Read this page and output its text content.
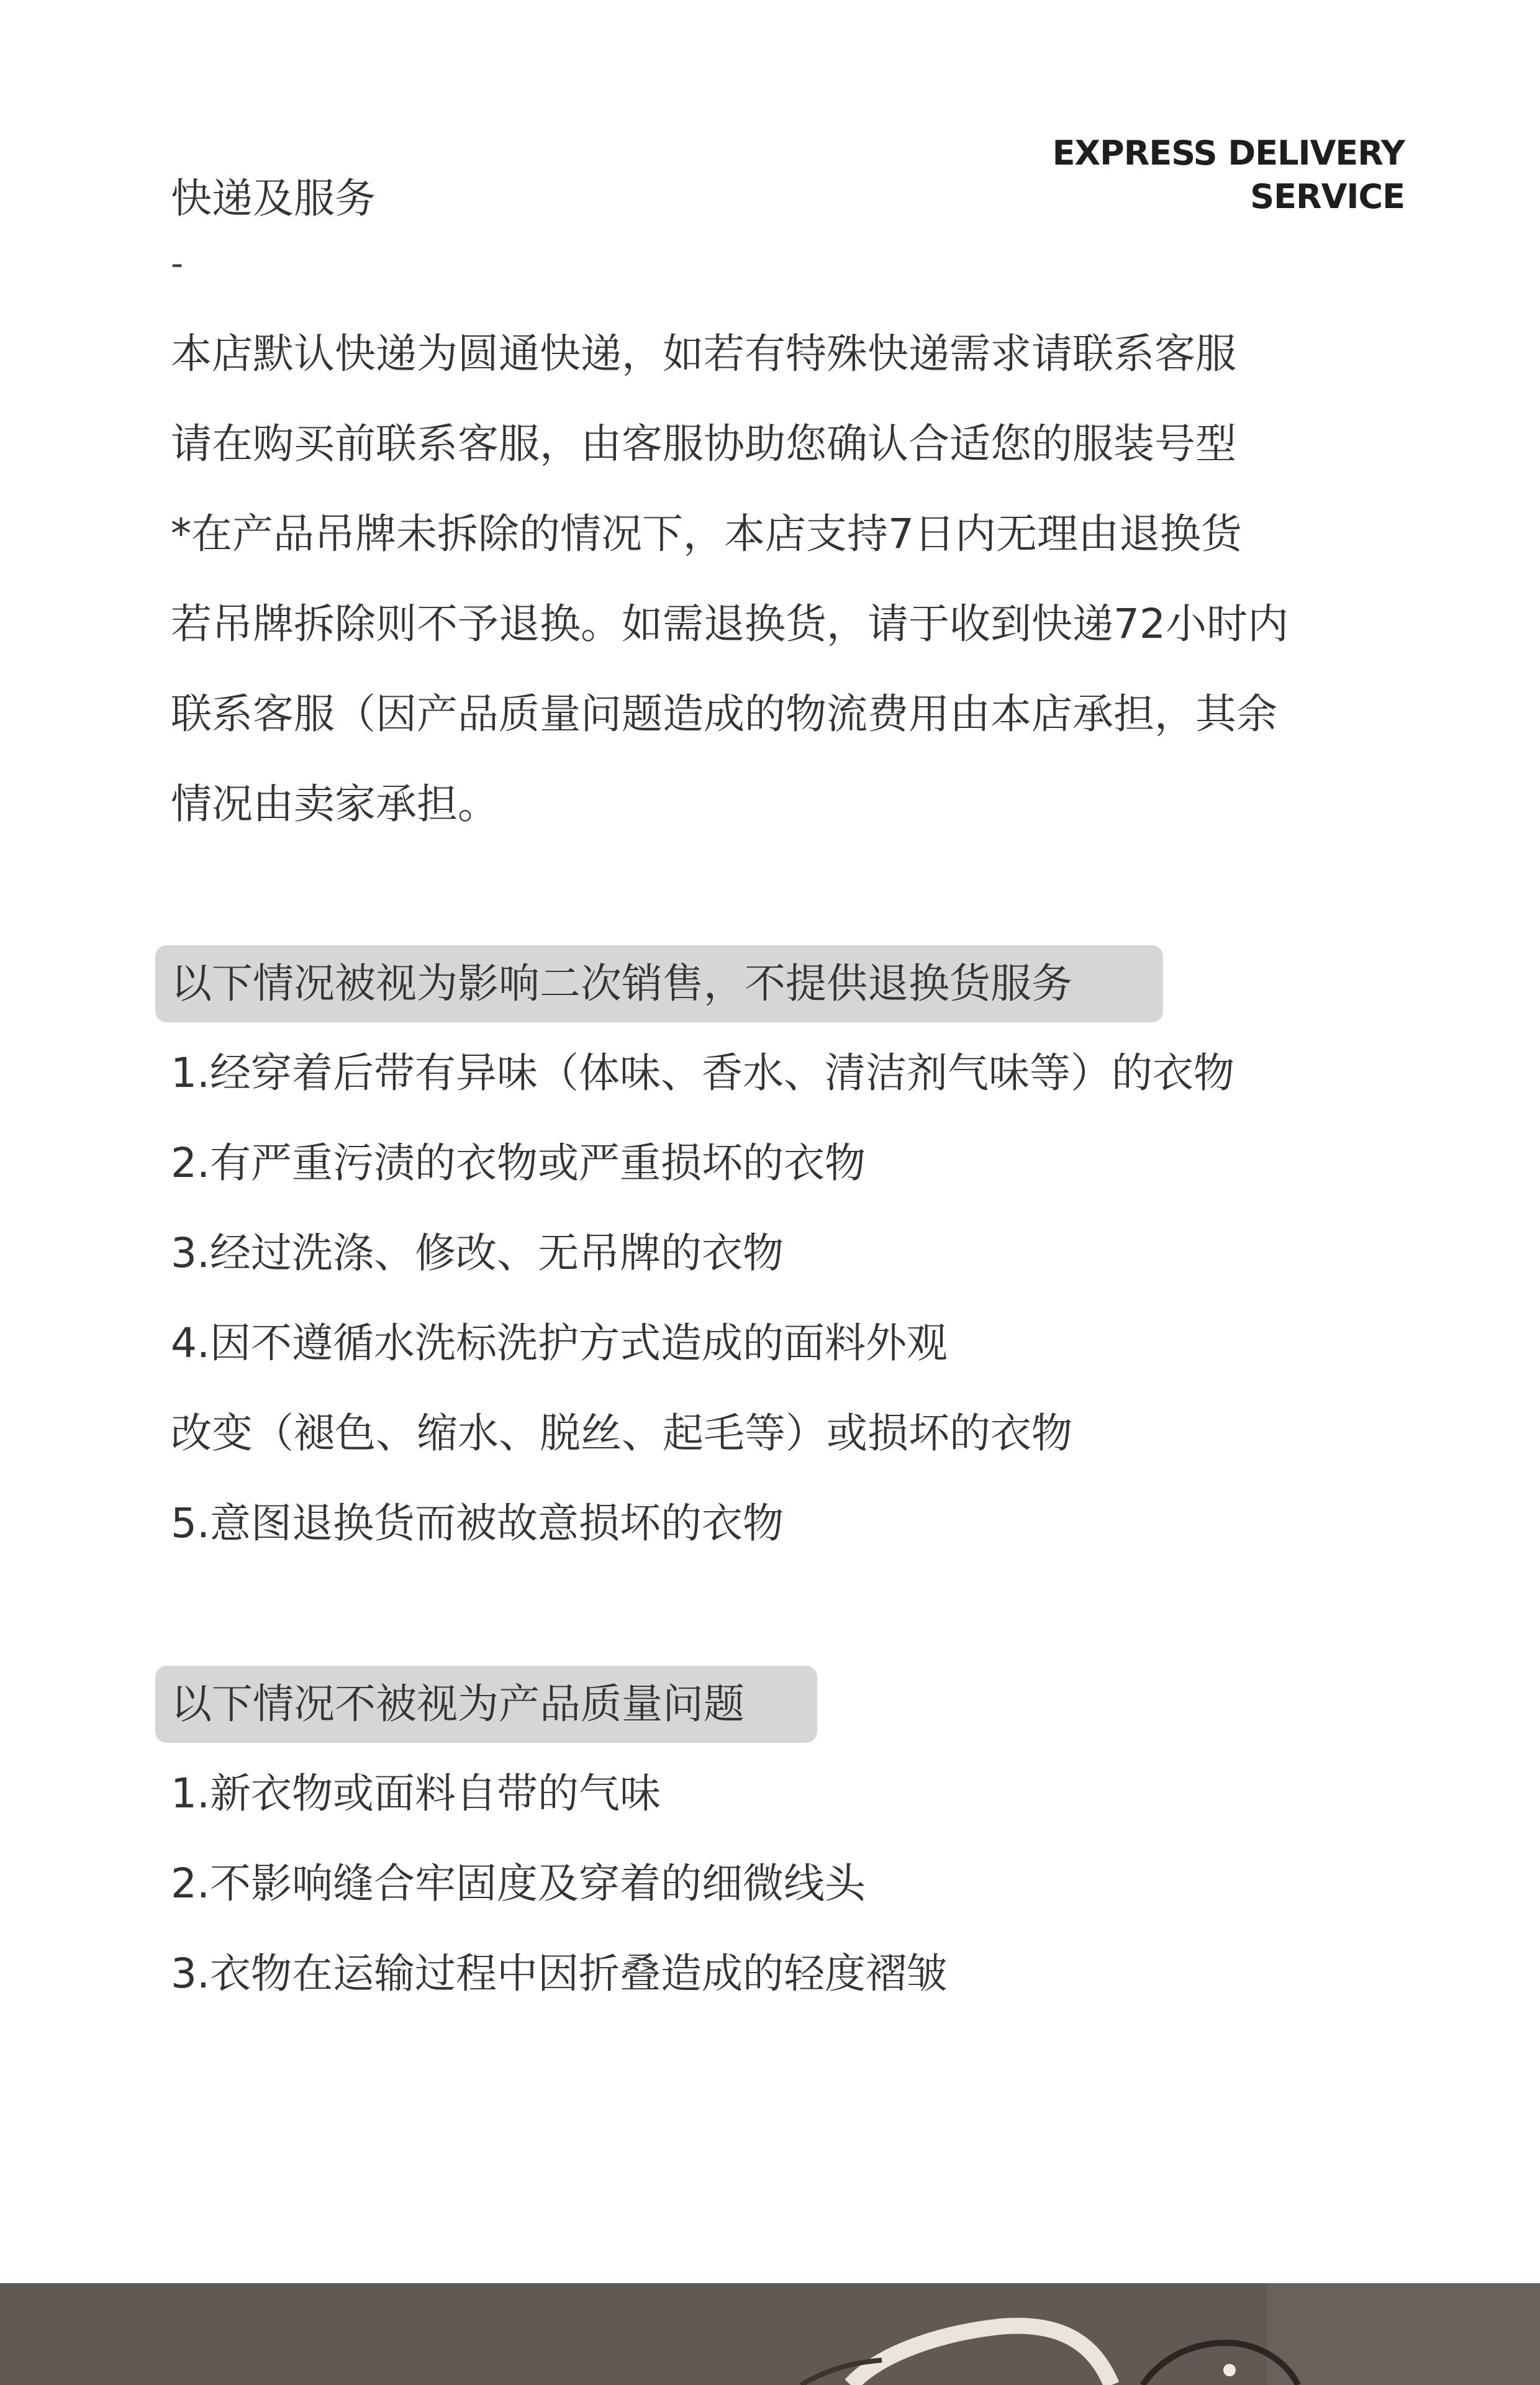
EXPRESS DELIVERY
SERVICE
快递及服务
-
本店默认快递为圆通快递，如若有特殊快递需求请联系客服
请在购买前联系客服，由客服协助您确认合适您的服装号型
*在产品吊牌未拆除的情况下，本店支持7日内无理由退换货
若吊牌拆除则不予退换。如需退换货，请于收到快递72小时内
联系客服（因产品质量问题造成的物流费用由本店承担，其余
情况由卖家承担。
以下情况被视为影响二次销售，不提供退换货服务
1.经穿着后带有异味（体味、香水、清洁剂气味等）的衣物
2.有严重污渍的衣物或严重损坏的衣物
3.经过洗涤、修改、无吊牌的衣物
4.因不遵循水洗标洗护方式造成的面料外观
改变（褪色、缩水、脱丝、起毛等）或损坏的衣物
5.意图退换货而被故意损坏的衣物
以下情况不被视为产品质量问题
1.新衣物或面料自带的气味
2.不影响缝合牢固度及穿着的细微线头
3.衣物在运输过程中因折叠造成的轻度褶皱
